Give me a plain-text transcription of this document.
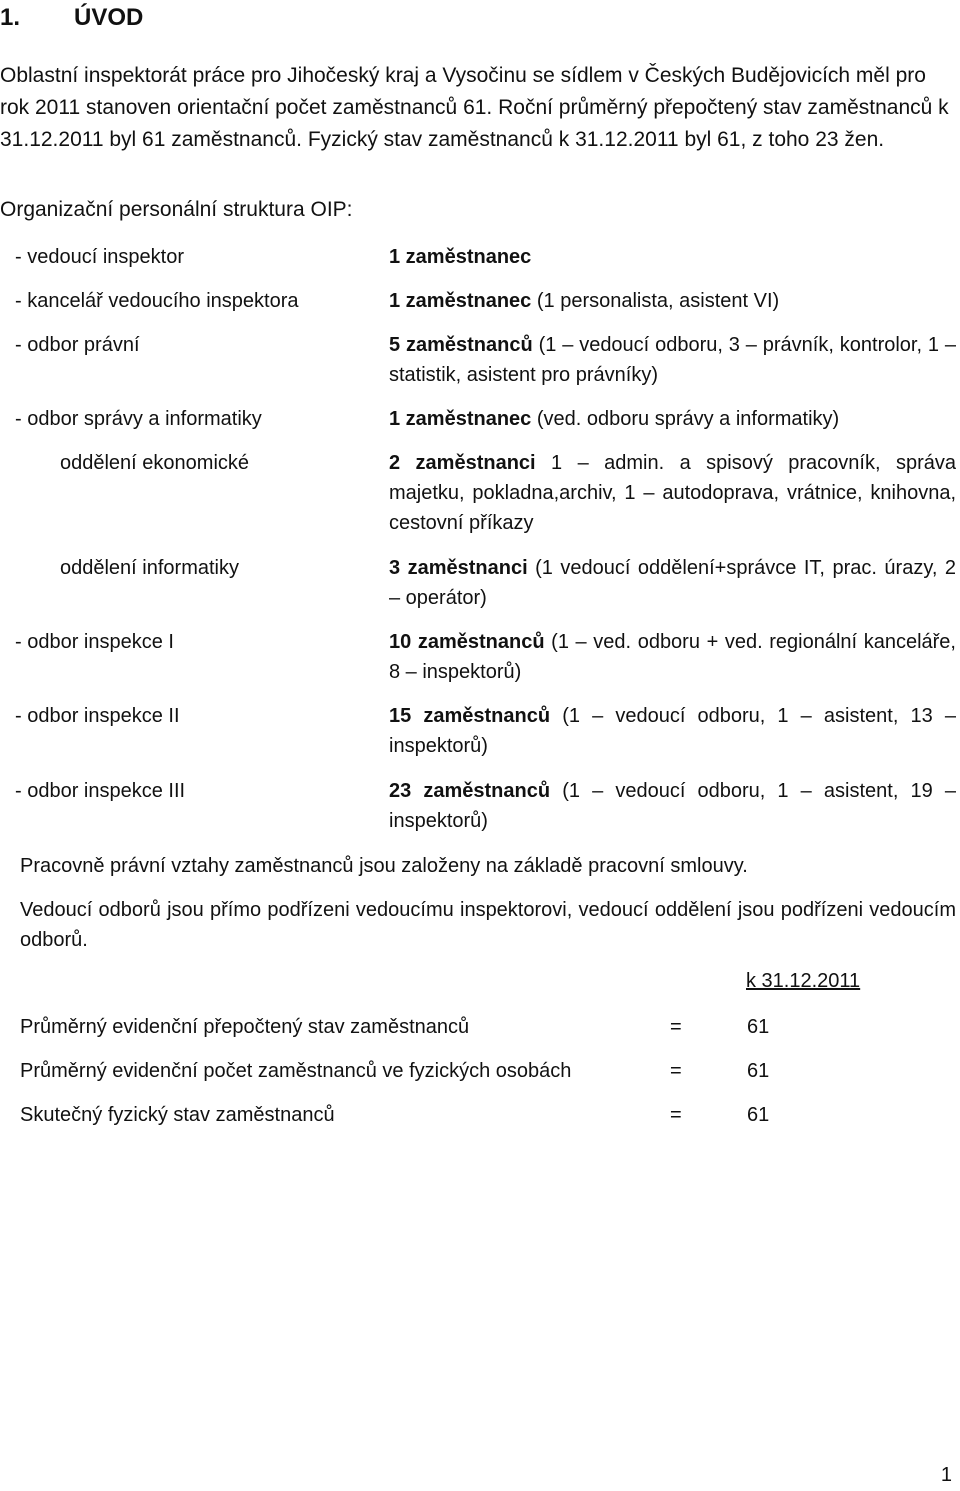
1. ÚVOD
Oblastní inspektorát práce pro Jihočeský kraj a Vysočinu se sídlem v Českých Budějovicích měl pro rok 2011 stanoven orientační počet zaměstnanců 61. Roční průměrný přepočtený stav zaměstnanců k 31.12.2011 byl 61 zaměstnanců. Fyzický stav zaměstnanců k 31.12.2011 byl 61, z toho 23 žen.
Organizační personální struktura OIP:
- vedoucí inspektor	1 zaměstnanec
- kancelář vedoucího inspektora	1 zaměstnanec (1 personalista, asistent VI)
- odbor právní	5 zaměstnanců (1 – vedoucí odboru, 3 – právník, kontrolor, 1 – statistik, asistent pro právníky)
- odbor správy a informatiky	1 zaměstnanec (ved. odboru správy a informatiky)
oddělení ekonomické	2 zaměstnanci 1 – admin. a spisový pracovník, správa majetku, pokladna,archiv, 1 – autodoprava, vrátnice, knihovna, cestovní příkazy
oddělení informatiky	3 zaměstnanci (1 vedoucí oddělení+správce IT, prac. úrazy, 2 – operátor)
- odbor inspekce I	10 zaměstnanců (1 – ved. odboru + ved. regionální kanceláře, 8 – inspektorů)
- odbor inspekce II	15 zaměstnanců (1 – vedoucí odboru, 1 – asistent, 13 – inspektorů)
- odbor inspekce III	23 zaměstnanců (1 – vedoucí odboru, 1 – asistent, 19 – inspektorů)
Pracovně právní vztahy zaměstnanců jsou založeny na základě pracovní smlouvy.
Vedoucí odborů jsou přímo podřízeni vedoucímu inspektorovi, vedoucí oddělení jsou podřízeni vedoucím odborů.
k 31.12.2011
Průměrný evidenční přepočtený stav zaměstnanců	=	61
Průměrný evidenční počet zaměstnanců ve fyzických osobách	=	61
Skutečný fyzický stav zaměstnanců	=	61
1
